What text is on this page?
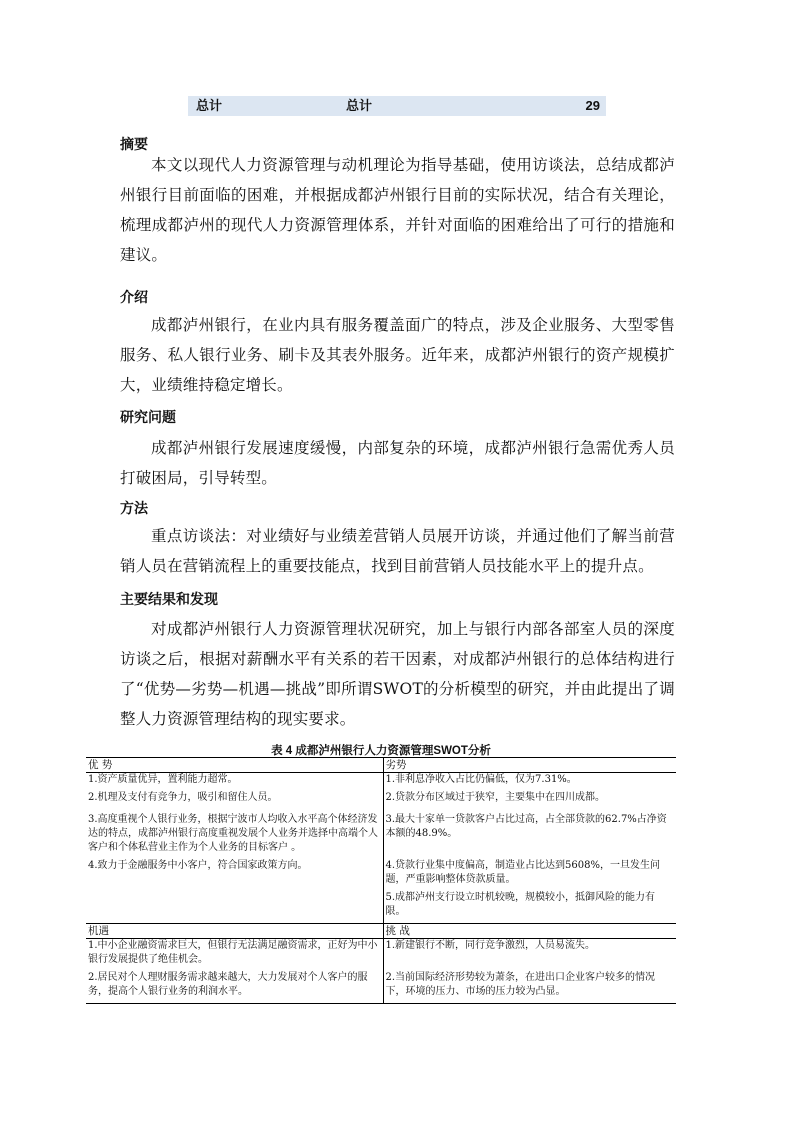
总计	总计	29
摘要
本文以现代人力资源管理与动机理论为指导基础，使用访谈法，总结成都泸州银行目前面临的困难，并根据成都泸州银行目前的实际状况，结合有关理论，梳理成都泸州的现代人力资源管理体系，并针对面临的困难给出了可行的措施和建议。
介绍
成都泸州银行，在业内具有服务覆盖面广的特点，涉及企业服务、大型零售服务、私人银行业务、刷卡及其表外服务。近年来，成都泸州银行的资产规模扩大，业绩维持稳定增长。
研究问题
成都泸州银行发展速度缓慢，内部复杂的环境，成都泸州银行急需优秀人员打破困局，引导转型。
方法
重点访谈法：对业绩好与业绩差营销人员展开访谈，并通过他们了解当前营销人员在营销流程上的重要技能点，找到目前营销人员技能水平上的提升点。
主要结果和发现
对成都泸州银行人力资源管理状况研究，加上与银行内部各部室人员的深度访谈之后，根据对薪酬水平有关系的若干因素，对成都泸州银行的总体结构进行了“优势—劣势—机遇—挑战”即所谓SWOT的分析模型的研究，并由此提出了调整人力资源管理结构的现实要求。
表 4 成都泸州银行人力资源管理SWOT分析
优 势	劣势
1.资产质量优异，置利能力超常。	1.非利息净收入占比仍偏低，仅为7.31%。
2.机理及支付有竞争力，吸引和留住人员。	2.贷款分布区域过于狭窄，主要集中在四川成都。
3.高度重视个人银行业务，根据宁波市人均收入水平高个体经济发达的特点，成都泸州银行高度重视发展个人业务并选择中高端个人客户和个体私营业主作为个人业务的目标客户 。	3.最大十家单一贷款客户占比过高，占全部贷款的62.7%占净资本额的48.9%。
4.致力于金融服务中小客户，符合国家政策方向。	4.贷款行业集中度偏高，制造业占比达到5608%，一旦发生问题，严重影响整体贷款质量。
	5.成都泸州支行设立时机较晚，规模较小，抵御风险的能力有限。
机遇	挑 战
1.中小企业融资需求巨大，但银行无法满足融资需求，正好为中小银行发展提供了绝佳机会。	1.新建银行不断，同行竞争激烈，人员易流失。
2.居民对个人理财服务需求越来越大，大力发展对个人客户的服务，提高个人银行业务的利润水平。	2.当前国际经济形势较为萧条，在进出口企业客户较多的情况下，环境的压力、市场的压力较为凸显。
